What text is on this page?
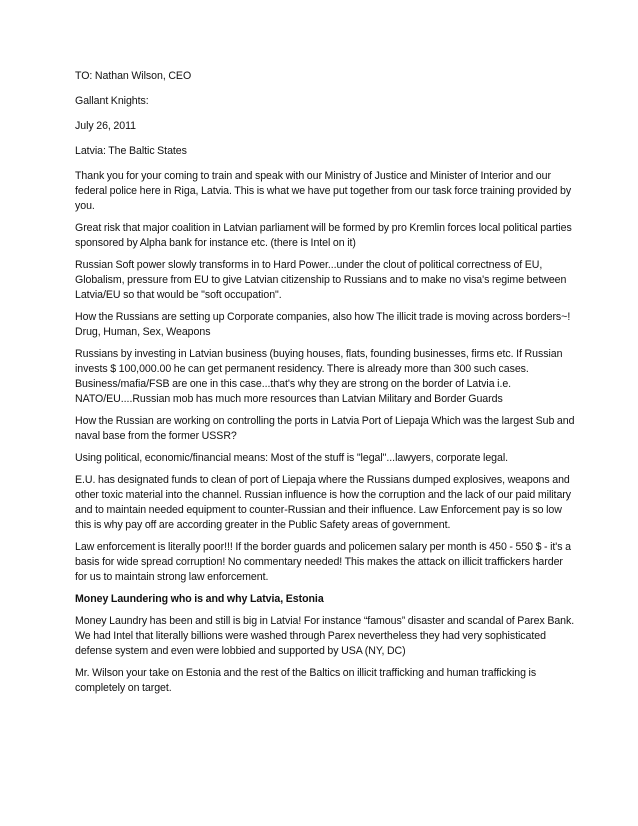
TO: Nathan Wilson, CEO

Gallant Knights:

July 26, 2011

Latvia: The Baltic States

Thank you for your coming to train and speak with our Ministry of Justice and Minister of Interior and our federal police here in Riga, Latvia. This is what we have put together from our task force training provided by you.

Great risk that major coalition in Latvian parliament will be formed by pro Kremlin forces local political parties sponsored by Alpha bank for instance etc. (there is Intel on it)

Russian Soft power slowly transforms in to Hard Power...under the clout of political correctness of EU, Globalism, pressure from EU to give Latvian citizenship to Russians and to make no visa's regime between Latvia/EU so that would be "soft occupation".

How the Russians are setting up Corporate companies, also how The illicit trade is moving across borders~! Drug, Human, Sex, Weapons

Russians by investing in Latvian business (buying houses, flats, founding businesses, firms etc. If Russian invests $ 100,000.00 he can get permanent residency. There is already more than 300 such cases. Business/mafia/FSB are one in this case...that's why they are strong on the border of Latvia i.e. NATO/EU....Russian mob has much more resources than Latvian Military and Border Guards

How the Russian are working on controlling the ports in Latvia Port of Liepaja Which was the largest Sub and naval base from the former USSR?

Using political, economic/financial means: Most of the stuff is "legal"...lawyers, corporate legal.

E.U. has designated funds to clean of port of Liepaja where the Russians dumped explosives, weapons and other toxic material into the channel. Russian influence is how the corruption and the lack of our paid military and to maintain needed equipment to counter-Russian and their influence. Law Enforcement pay is so low this is why pay off are according greater in the Public Safety areas of government.

Law enforcement is literally poor!!! If the border guards and policemen salary per month is 450 - 550 $ - it's a basis for wide spread corruption! No commentary needed! This makes the attack on illicit traffickers harder for us to maintain strong law enforcement.

Money Laundering who is and why Latvia, Estonia

Money Laundry has been and still is big in Latvia! For instance “famous” disaster and scandal of Parex Bank. We had Intel that literally billions were washed through Parex nevertheless they had very sophisticated defense system and even were lobbied and supported by USA (NY, DC)

Mr. Wilson your take on Estonia and the rest of the Baltics on illicit trafficking and human trafficking is completely on target.
